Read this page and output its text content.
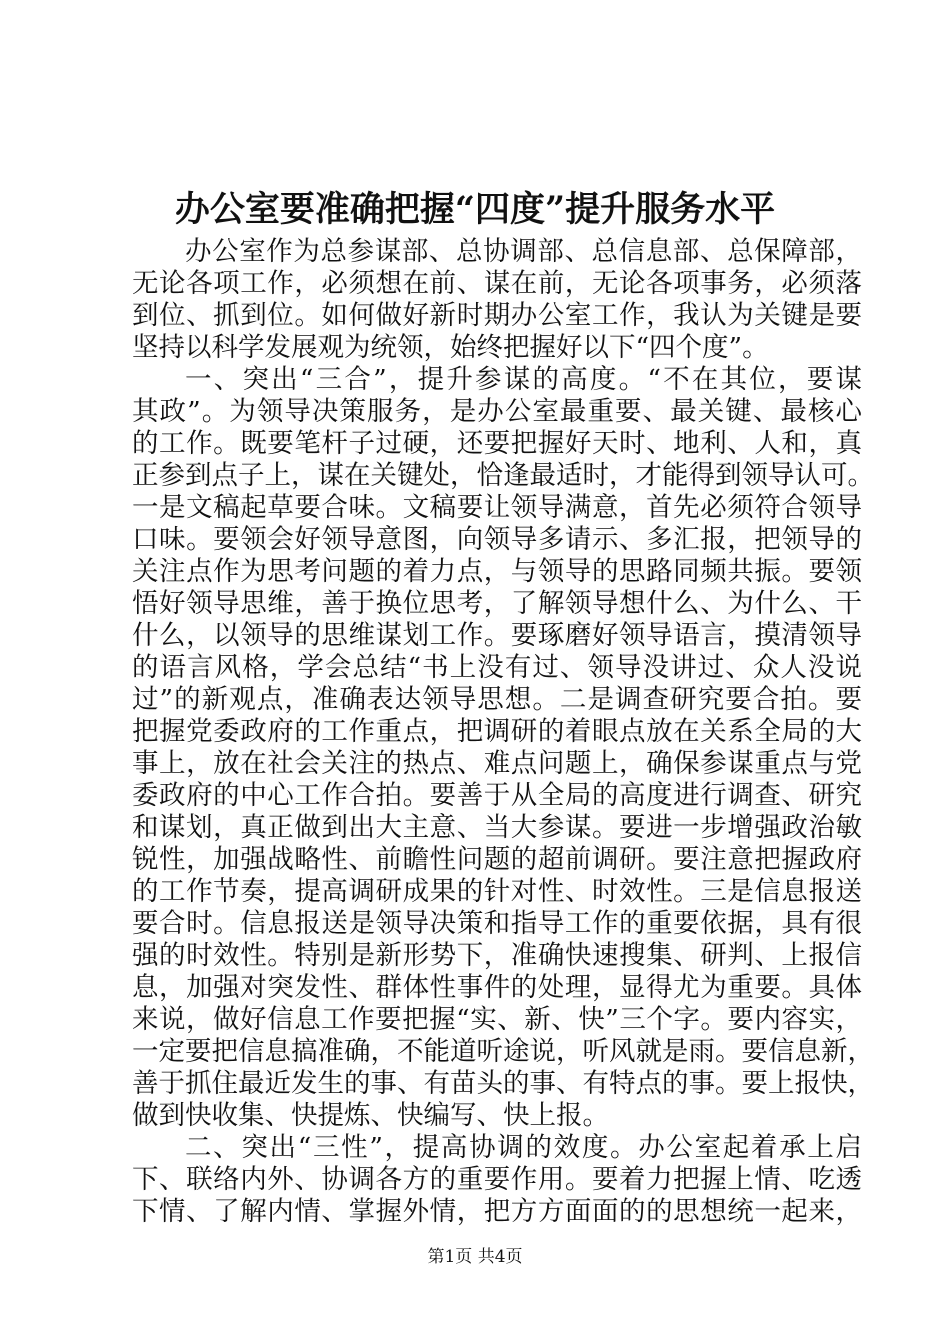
办公室要准确把握“四度”提升服务水平
办公室作为总参谋部、总协调部、总信息部、总保障部，
无论各项工作，必须想在前、谋在前，无论各项事务，必须落
到位、抓到位。如何做好新时期办公室工作，我认为关键是要
坚持以科学发展观为统领，始终把握好以下“四个度”。
一、突出“三合”，提升参谋的高度。“不在其位，要谋
其政”。为领导决策服务，是办公室最重要、最关键、最核心
的工作。既要笔杆子过硬，还要把握好天时、地利、人和，真
正参到点子上，谋在关键处，恰逢最适时，才能得到领导认可。
一是文稿起草要合味。文稿要让领导满意，首先必须符合领导
口味。要领会好领导意图，向领导多请示、多汇报，把领导的
关注点作为思考问题的着力点，与领导的思路同频共振。要领
悟好领导思维，善于换位思考，了解领导想什么、为什么、干
什么，以领导的思维谋划工作。要琢磨好领导语言，摸清领导
的语言风格，学会总结“书上没有过、领导没讲过、众人没说
过”的新观点，准确表达领导思想。二是调查研究要合拍。要
把握党委政府的工作重点，把调研的着眼点放在关系全局的大
事上，放在社会关注的热点、难点问题上，确保参谋重点与党
委政府的中心工作合拍。要善于从全局的高度进行调查、研究
和谋划，真正做到出大主意、当大参谋。要进一步增强政治敏
锐性，加强战略性、前瞻性问题的超前调研。要注意把握政府
的工作节奏，提高调研成果的针对性、时效性。三是信息报送
要合时。信息报送是领导决策和指导工作的重要依据，具有很
强的时效性。特别是新形势下，准确快速搜集、研判、上报信
息，加强对突发性、群体性事件的处理，显得尤为重要。具体
来说，做好信息工作要把握“实、新、快”三个字。要内容实，
一定要把信息搞准确，不能道听途说，听风就是雨。要信息新，
善于抓住最近发生的事、有苗头的事、有特点的事。要上报快，
做到快收集、快提炼、快编写、快上报。
二、突出“三性”，提高协调的效度。办公室起着承上启
下、联络内外、协调各方的重要作用。要着力把握上情、吃透
下情、了解内情、掌握外情，把方方面面的的思想统一起来，
第1页 共4页
